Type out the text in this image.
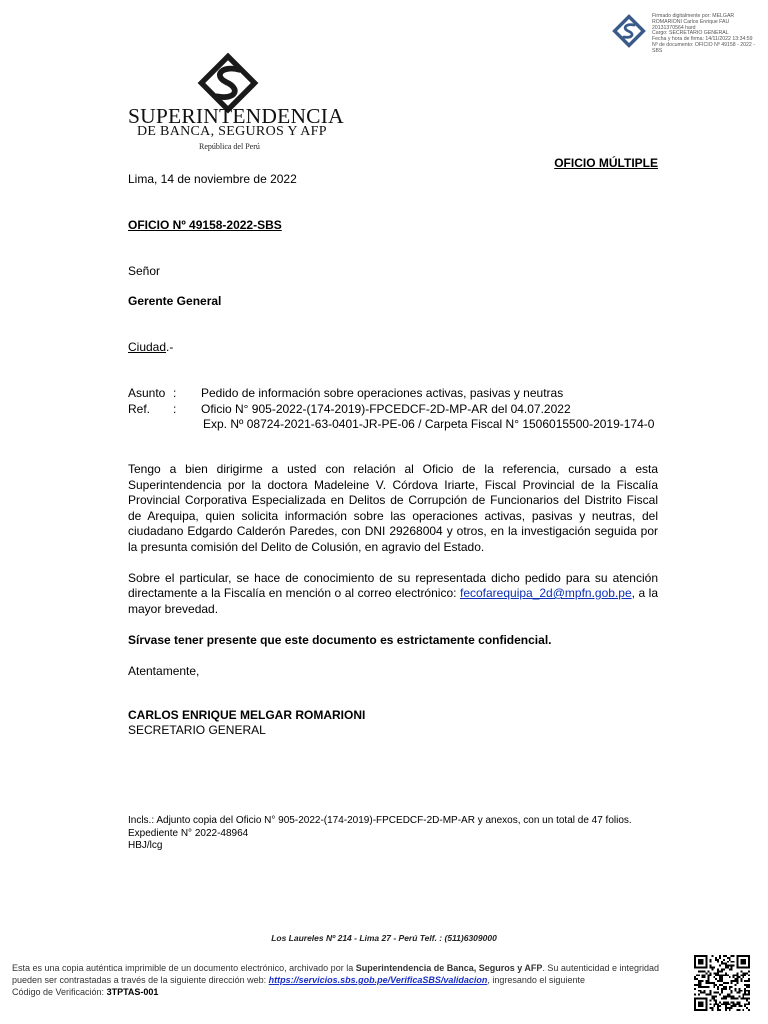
Firmado digitalmente por: MELGAR
ROMARIONI Carlos Enrique FAU
20131370564 hard
Cargo: SECRETARIO GENERAL
Fecha y hora de firma: 14/11/2022 13:34:59
Nº de documento: OFICIO Nº 49158 - 2022 -
SBS
SUPERINTENDENCIA
DE BANCA, SEGUROS Y AFP
República del Perú
OFICIO MÚLTIPLE
Lima, 14 de noviembre de 2022
OFICIO Nº 49158-2022-SBS
Señor
Gerente General
Ciudad.-
Asunto : Pedido de información sobre operaciones activas, pasivas y neutras
Ref.	: Oficio N° 905-2022-(174-2019)-FPCEDCF-2D-MP-AR del 04.07.2022
Exp. Nº 08724-2021-63-0401-JR-PE-06 / Carpeta Fiscal N° 1506015500-2019-174-0

Tengo a bien dirigirme a usted con relación al Oficio de la referencia, cursado a esta Superintendencia por la doctora Madeleine V. Córdova Iriarte, Fiscal Provincial de la Fiscalía Provincial Corporativa Especializada en Delitos de Corrupción de Funcionarios del Distrito Fiscal de Arequipa, quien solicita información sobre las operaciones activas, pasivas y neutras, del ciudadano Edgardo Calderón Paredes, con DNI 29268004 y otros, en la investigación seguida por la presunta comisión del Delito de Colusión, en agravio del Estado.

Sobre el particular, se hace de conocimiento de su representada dicho pedido para su atención directamente a la Fiscalía en mención o al correo electrónico: fecofarequipa_2d@mpfn.gob.pe, a la mayor brevedad.

Sírvase tener presente que este documento es estrictamente confidencial.

Atentamente,

CARLOS ENRIQUE MELGAR ROMARIONI
SECRETARIO GENERAL
Incls.: Adjunto copia del Oficio N° 905-2022-(174-2019)-FPCEDCF-2D-MP-AR y anexos, con un total de 47 folios.
Expediente N° 2022-48964
HBJ/lcg
Los Laureles Nº 214 - Lima 27 - Perú Telf. : (511)6309000
Esta es una copia auténtica imprimible de un documento electrónico, archivado por la Superintendencia de Banca, Seguros y AFP. Su autenticidad e integridad pueden ser contrastadas a través de la siguiente dirección web: https://servicios.sbs.gob.pe/VerificaSBS/validacion, ingresando el siguiente
Código de Verificación: 3TPTAS-001
